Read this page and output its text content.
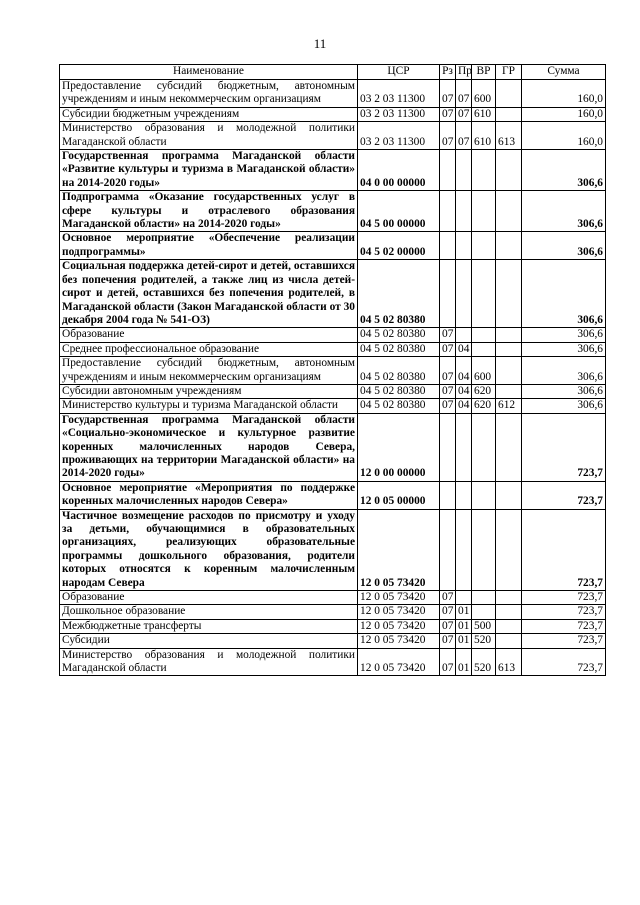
11
Наименование	ЦСР	Рз	Пр	ВР	ГР	Сумма
Предоставление субсидий бюджетным, автономным учреждениям и иным некоммерческим организациям	03 2 03 11300	07	07	600		160,0
Субсидии бюджетным учреждениям	03 2 03 11300	07	07	610		160,0
Министерство образования и молодежной политики Магаданской области	03 2 03 11300	07	07	610	613	160,0
Государственная программа Магаданской области «Развитие культуры и туризма в Магаданской области» на 2014-2020 годы»	04 0 00 00000					306,6
Подпрограмма «Оказание государственных услуг в сфере культуры и отраслевого образования Магаданской области» на 2014-2020 годы»	04 5 00 00000					306,6
Основное мероприятие «Обеспечение реализации подпрограммы»	04 5 02 00000					306,6
Социальная поддержка детей-сирот и детей, оставшихся без попечения родителей, а также лиц из числа детей-сирот и детей, оставшихся без попечения родителей, в Магаданской области (Закон Магаданской области от 30 декабря 2004 года № 541-ОЗ)	04 5 02 80380					306,6
Образование	04 5 02 80380	07				306,6
Среднее профессиональное образование	04 5 02 80380	07	04			306,6
Предоставление субсидий бюджетным, автономным учреждениям и иным некоммерческим организациям	04 5 02 80380	07	04	600		306,6
Субсидии автономным учреждениям	04 5 02 80380	07	04	620		306,6
Министерство культуры и туризма Магаданской области	04 5 02 80380	07	04	620	612	306,6
Государственная программа Магаданской области «Социально-экономическое и культурное развитие коренных малочисленных народов Севера, проживающих на территории Магаданской области» на 2014-2020 годы»	12 0 00 00000					723,7
Основное мероприятие «Мероприятия по поддержке коренных малочисленных народов Севера»	12 0 05 00000					723,7
Частичное возмещение расходов по присмотру и уходу за детьми, обучающимися в образовательных организациях, реализующих образовательные программы дошкольного образования, родители которых относятся к коренным малочисленным народам Севера	12 0 05 73420					723,7
Образование	12 0 05 73420	07				723,7
Дошкольное образование	12 0 05 73420	07	01			723,7
Межбюджетные трансферты	12 0 05 73420	07	01	500		723,7
Субсидии	12 0 05 73420	07	01	520		723,7
Министерство образования и молодежной политики Магаданской области	12 0 05 73420	07	01	520	613	723,7
